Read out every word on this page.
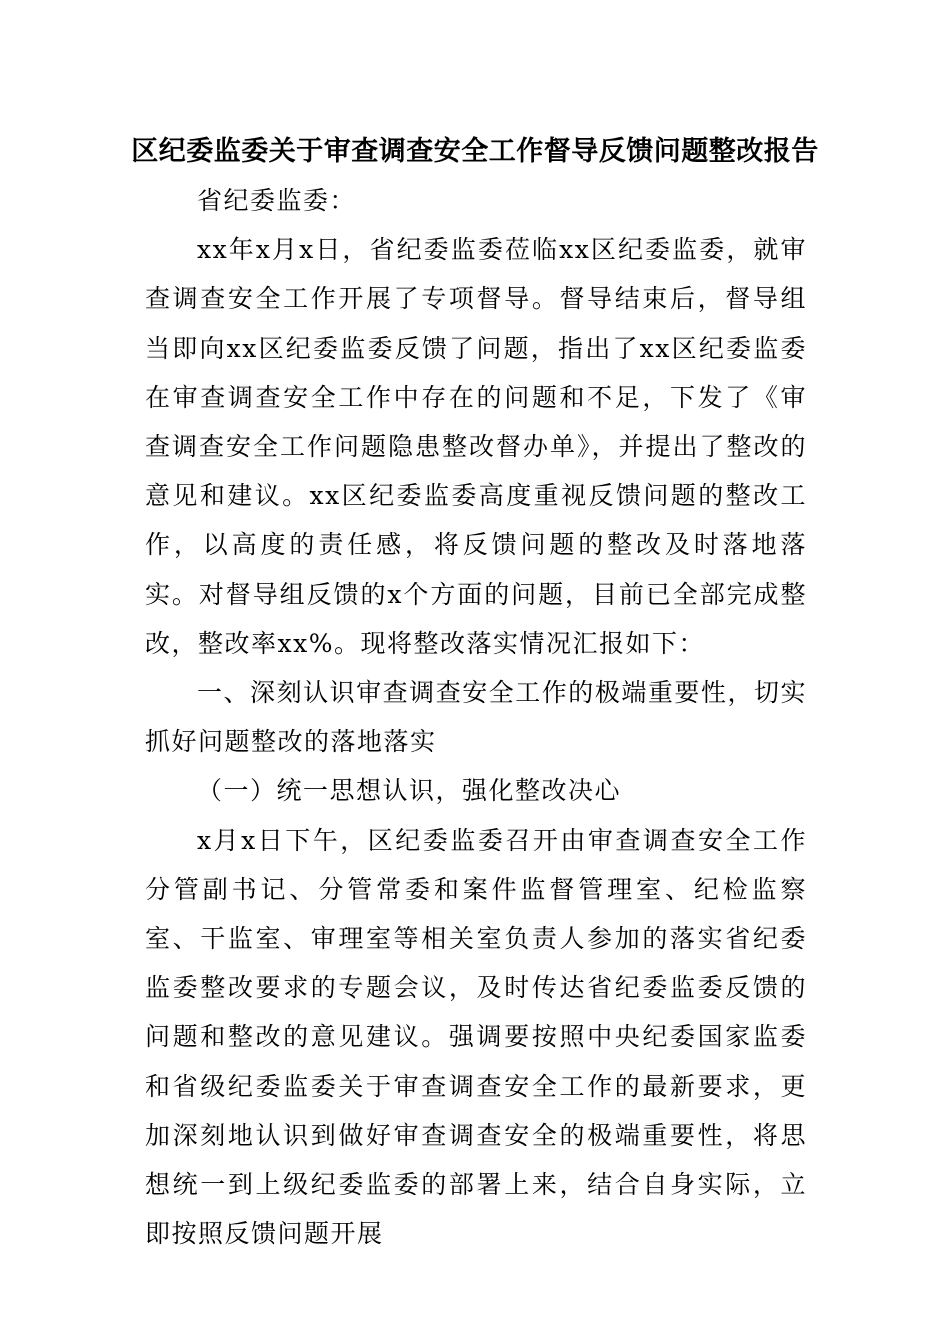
区纪委监委关于审查调查安全工作督导反馈问题整改报告

省纪委监委：

xx年x月x日，省纪委监委莅临xx区纪委监委，就审查调查安全工作开展了专项督导。督导结束后，督导组当即向xx区纪委监委反馈了问题，指出了xx区纪委监委在审查调查安全工作中存在的问题和不足，下发了《审查调查安全工作问题隐患整改督办单》，并提出了整改的意见和建议。xx区纪委监委高度重视反馈问题的整改工作，以高度的责任感，将反馈问题的整改及时落地落实。对督导组反馈的x个方面的问题，目前已全部完成整改，整改率xx%。现将整改落实情况汇报如下：

一、深刻认识审查调查安全工作的极端重要性，切实抓好问题整改的落地落实

（一）统一思想认识，强化整改决心

x月x日下午，区纪委监委召开由审查调查安全工作分管副书记、分管常委和案件监督管理室、纪检监察室、干监室、审理室等相关室负责人参加的落实省纪委监委整改要求的专题会议，及时传达省纪委监委反馈的问题和整改的意见建议。强调要按照中央纪委国家监委和省级纪委监委关于审查调查安全工作的最新要求，更加深刻地认识到做好审查调查安全的极端重要性，将思想统一到上级纪委监委的部署上来，结合自身实际，立即按照反馈问题开展
